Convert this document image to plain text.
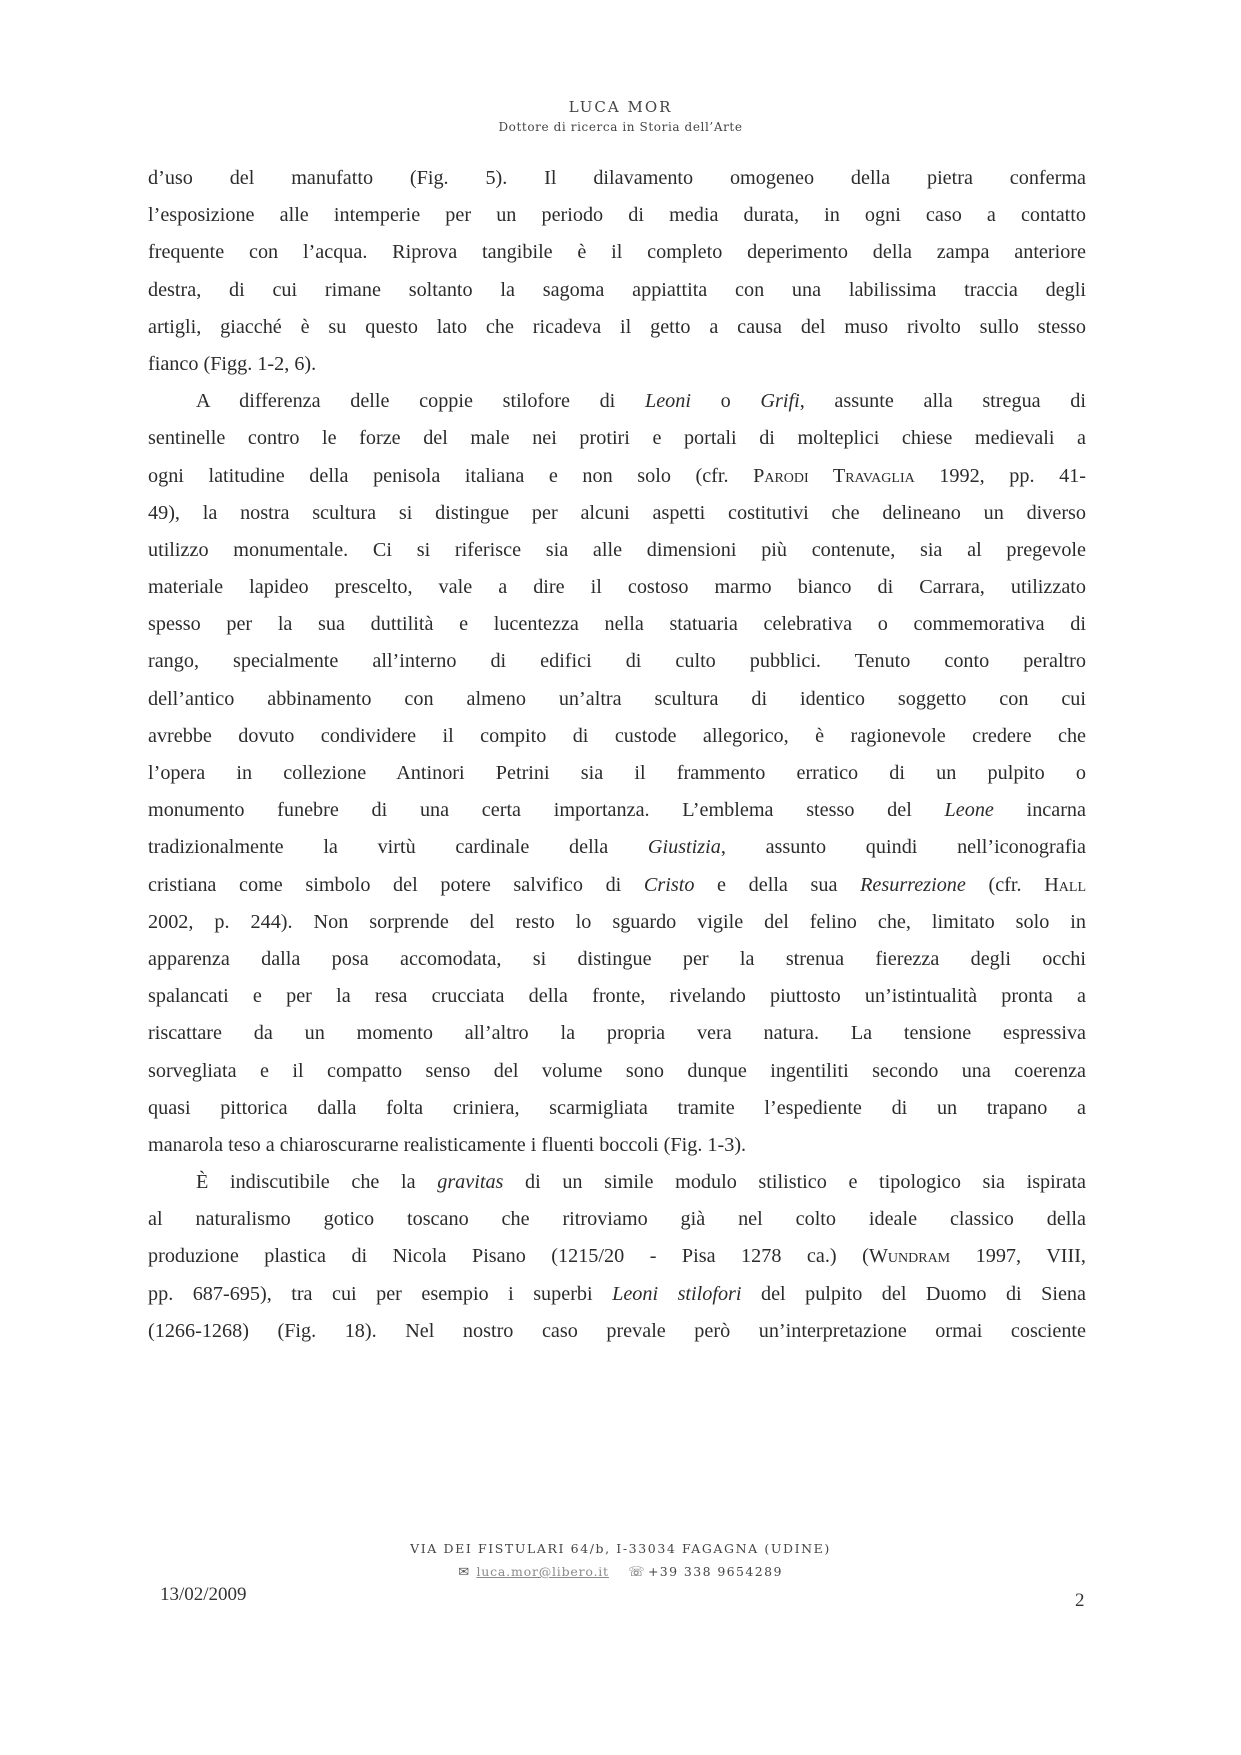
LUCA MOR
Dottore di ricerca in Storia dell’Arte
d’uso del manufatto (Fig. 5). Il dilavamento omogeneo della pietra conferma
l’esposizione alle intemperie per un periodo di media durata, in ogni caso a contatto
frequente con l’acqua. Riprova tangibile è il completo deperimento della zampa anteriore
destra, di cui rimane soltanto la sagoma appiattita con una labilissima traccia degli
artigli, giacché è su questo lato che ricadeva il getto a causa del muso rivolto sullo stesso
fianco (Figg. 1-2, 6).
A differenza delle coppie stilofore di Leoni o Grifi, assunte alla stregua di
sentinelle contro le forze del male nei protiri e portali di molteplici chiese medievali a
ogni latitudine della penisola italiana e non solo (cfr. Parodi Travaglia 1992, pp. 41-
49), la nostra scultura si distingue per alcuni aspetti costitutivi che delineano un diverso
utilizzo monumentale. Ci si riferisce sia alle dimensioni più contenute, sia al pregevole
materiale lapideo prescelto, vale a dire il costoso marmo bianco di Carrara, utilizzato
spesso per la sua duttilità e lucentezza nella statuaria celebrativa o commemorativa di
rango, specialmente all’interno di edifici di culto pubblici. Tenuto conto peraltro
dell’antico abbinamento con almeno un’altra scultura di identico soggetto con cui
avrebbe dovuto condividere il compito di custode allegorico, è ragionevole credere che
l’opera in collezione Antinori Petrini sia il frammento erratico di un pulpito o
monumento funebre di una certa importanza. L’emblema stesso del Leone incarna
tradizionalmente la virtù cardinale della Giustizia, assunto quindi nell’iconografia
cristiana come simbolo del potere salvifico di Cristo e della sua Resurrezione (cfr. Hall
2002, p. 244). Non sorprende del resto lo sguardo vigile del felino che, limitato solo in
apparenza dalla posa accomodata, si distingue per la strenua fierezza degli occhi
spalancati e per la resa crucciata della fronte, rivelando piuttosto un’istintualità pronta a
riscattare da un momento all’altro la propria vera natura. La tensione espressiva
sorvegliata e il compatto senso del volume sono dunque ingentiliti secondo una coerenza
quasi pittorica dalla folta criniera, scarmigliata tramite l’espediente di un trapano a
manarola teso a chiaroscurarne realisticamente i fluenti boccoli (Fig. 1-3).
È indiscutibile che la gravitas di un simile modulo stilistico e tipologico sia ispirata
al naturalismo gotico toscano che ritroviamo già nel colto ideale classico della
produzione plastica di Nicola Pisano (1215/20 - Pisa 1278 ca.) (Wundram 1997, VIII,
pp. 687-695), tra cui per esempio i superbi Leoni stilofori del pulpito del Duomo di Siena
(1266-1268) (Fig. 18). Nel nostro caso prevale però un’interpretazione ormai cosciente
VIA DEI FISTULARI 64/b, I-33034 FAGAGNA (UDINE)
✉ luca.mor@libero.it ☏ +39 338 9654289
13/02/2009	2
